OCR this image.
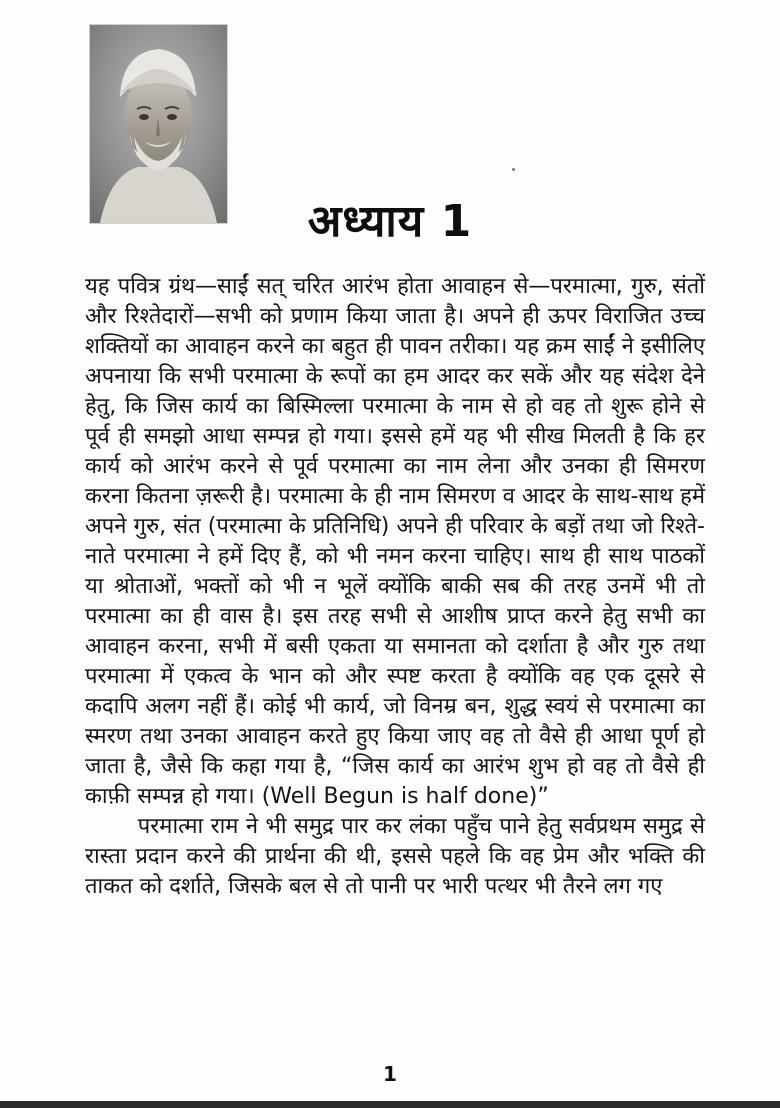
अध्याय 1

यह पवित्र ग्रंथ—साईं सत् चरित आरंभ होता आवाहन से—परमात्मा, गुरु, संतों और रिश्तेदारों—सभी को प्रणाम किया जाता है। अपने ही ऊपर विराजित उच्च शक्तियों का आवाहन करने का बहुत ही पावन तरीका। यह क्रम साईं ने इसीलिए अपनाया कि सभी परमात्मा के रूपों का हम आदर कर सकें और यह संदेश देने हेतु, कि जिस कार्य का बिस्मिल्ला परमात्मा के नाम से हो वह तो शुरू होने से पूर्व ही समझो आधा सम्पन्न हो गया। इससे हमें यह भी सीख मिलती है कि हर कार्य को आरंभ करने से पूर्व परमात्मा का नाम लेना और उनका ही सिमरण करना कितना ज़रूरी है। परमात्मा के ही नाम सिमरण व आदर के साथ-साथ हमें अपने गुरु, संत (परमात्मा के प्रतिनिधि) अपने ही परिवार के बड़ों तथा जो रिश्ते-नाते परमात्मा ने हमें दिए हैं, को भी नमन करना चाहिए। साथ ही साथ पाठकों या श्रोताओं, भक्तों को भी न भूलें क्योंकि बाकी सब की तरह उनमें भी तो परमात्मा का ही वास है। इस तरह सभी से आशीष प्राप्त करने हेतु सभी का आवाहन करना, सभी में बसी एकता या समानता को दर्शाता है और गुरु तथा परमात्मा में एकत्व के भान को और स्पष्ट करता है क्योंकि वह एक दूसरे से कदापि अलग नहीं हैं। कोई भी कार्य, जो विनम्र बन, शुद्ध स्वयं से परमात्मा का स्मरण तथा उनका आवाहन करते हुए किया जाए वह तो वैसे ही आधा पूर्ण हो जाता है, जैसे कि कहा गया है, “जिस कार्य का आरंभ शुभ हो वह तो वैसे ही काफ़ी सम्पन्न हो गया। (Well Begun is half done)”

परमात्मा राम ने भी समुद्र पार कर लंका पहुँच पाने हेतु सर्वप्रथम समुद्र से रास्ता प्रदान करने की प्रार्थना की थी, इससे पहले कि वह प्रेम और भक्ति की ताकत को दर्शाते, जिसके बल से तो पानी पर भारी पत्थर भी तैरने लग गए

1
